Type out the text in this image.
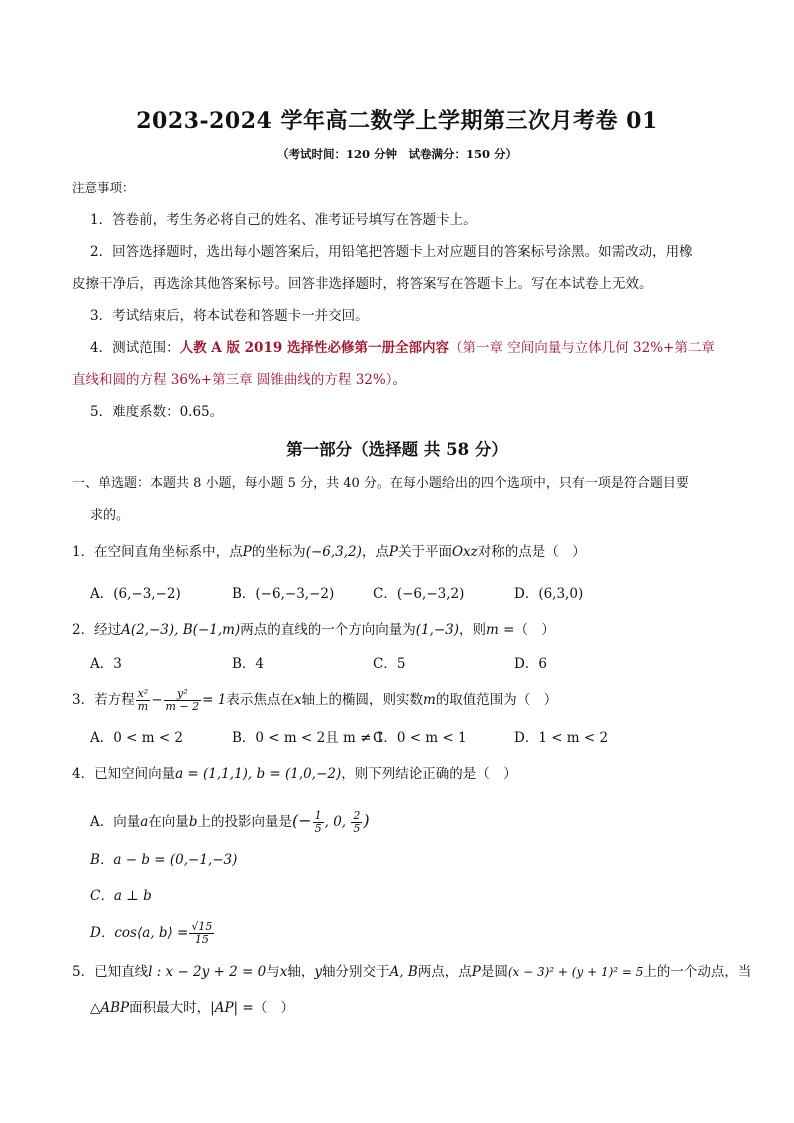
2023-2024 学年高二数学上学期第三次月考卷 01
（考试时间：120 分钟　试卷满分：150 分）
注意事项：
1．答卷前，考生务必将自己的姓名、准考证号填写在答题卡上。
2．回答选择题时，选出每小题答案后，用铅笔把答题卡上对应题目的答案标号涂黑。如需改动，用橡
皮擦干净后，再选涂其他答案标号。回答非选择题时，将答案写在答题卡上。写在本试卷上无效。
3．考试结束后，将本试卷和答题卡一并交回。
4．测试范围：人教 A 版 2019 选择性必修第一册全部内容（第一章 空间向量与立体几何 32%+第二章
直线和圆的方程 36%+第三章 圆锥曲线的方程 32%）。
5．难度系数：0.65。
第一部分（选择题 共 58 分）
一、单选题：本题共 8 小题，每小题 5 分，共 40 分。在每小题给出的四个选项中，只有一项是符合题目要
求的。
1．在空间直角坐标系中，点P的坐标为(−6,3,2)，点P关于平面Oxz对称的点是（　）
A．(6,−3,−2)	B．(−6,−3,−2)	C．(−6,−3,2)	D．(6,3,0)
2．经过A(2,−3), B(−1,m)两点的直线的一个方向向量为(1,−3)，则m =（　）
A．3	B．4	C．5	D．6
3．若方程 $\frac{\text{x²}}{m} - \frac{\text{y²}}{m - 2} = 1$表示焦点在x轴上的椭圆，则实数m的取值范围为（　）
A．0 < m < 2	B．0 < m < 2且 m ≠ 1
C．0 < m < 1	D．1 < m < 2
4．已知空间向量a = (1,1,1), b = (1,0,−2)，则下列结论正确的是（　）
A．向量a在向量b上的投影向量是(− $\frac{1}{5}$ , 0, $\frac{2}{5}$ )
B．a − b = (0,−1,−3)
C．a ⊥ b
D．cos⟨a, b⟩ = $\frac{√15}{15}$
5．已知直线l : x − 2y + 2 = 0与x轴，y轴分别交于A, B两点，点P是圆(x − 3)² + (y + 1)² = 5上的一个动点，当
△ABP面积最大时，|AP| =（　）
